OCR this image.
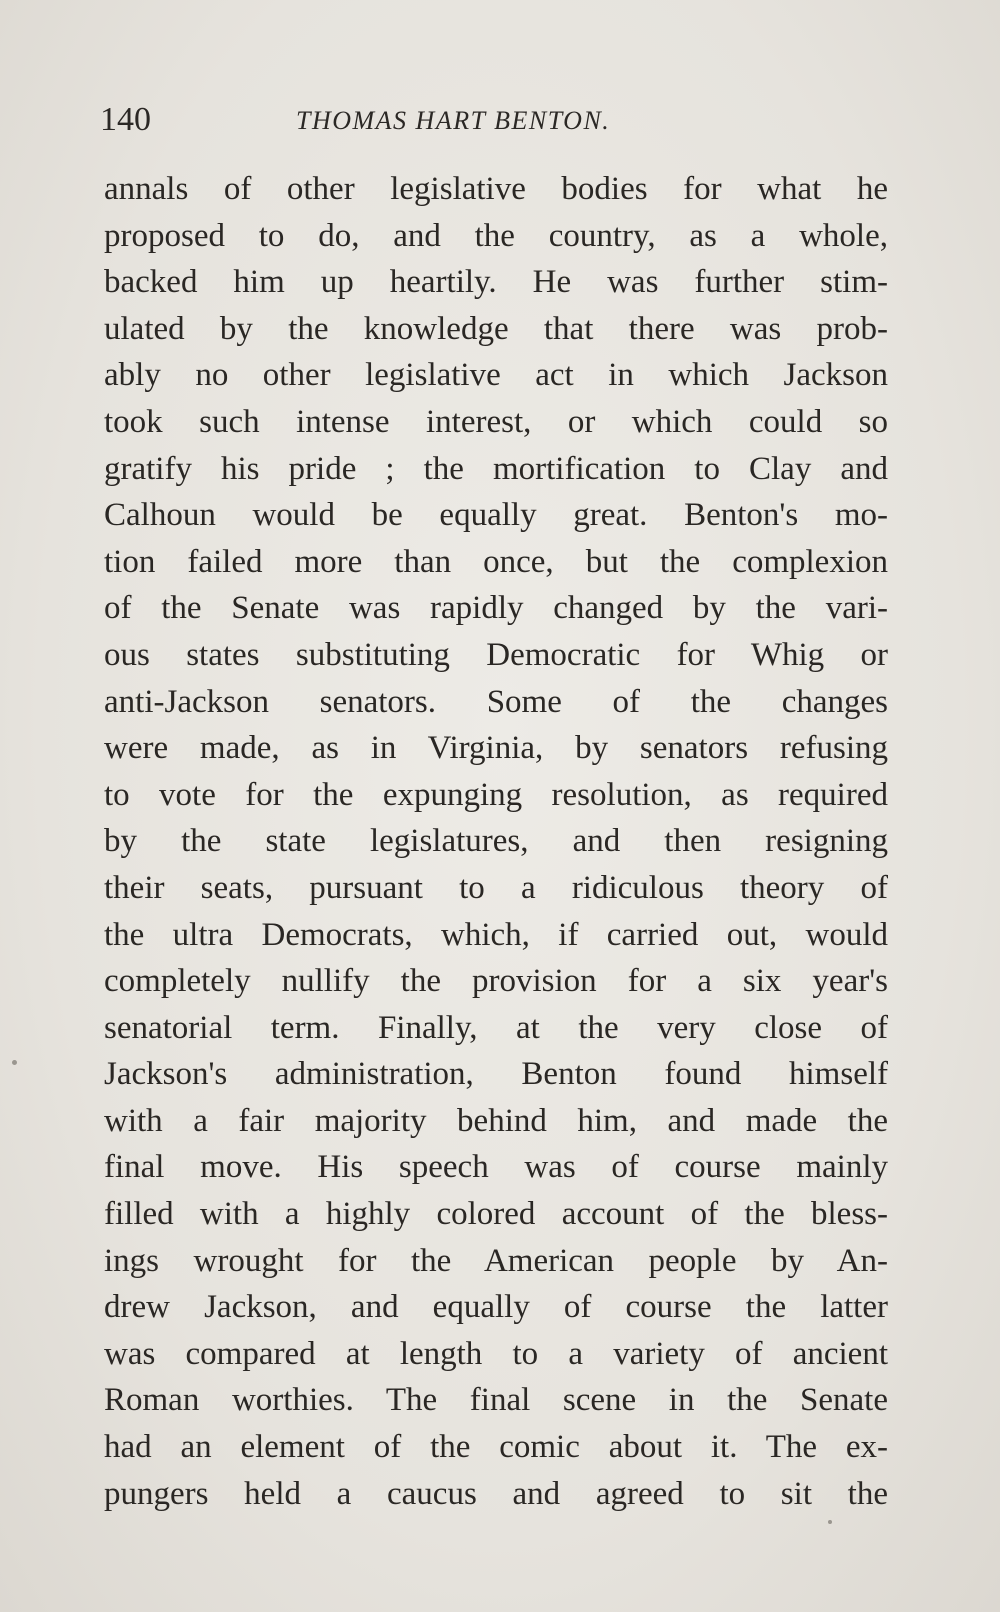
140	THOMAS HART BENTON.
annals of other legislative bodies for what he
proposed to do, and the country, as a whole,
backed him up heartily. He was further stim-
ulated by the knowledge that there was prob-
ably no other legislative act in which Jackson
took such intense interest, or which could so
gratify his pride ; the mortification to Clay and
Calhoun would be equally great. Benton's mo-
tion failed more than once, but the complexion
of the Senate was rapidly changed by the vari-
ous states substituting Democratic for Whig or
anti-Jackson senators. Some of the changes
were made, as in Virginia, by senators refusing
to vote for the expunging resolution, as required
by the state legislatures, and then resigning
their seats, pursuant to a ridiculous theory of
the ultra Democrats, which, if carried out, would
completely nullify the provision for a six year's
senatorial term. Finally, at the very close of
Jackson's administration, Benton found himself
with a fair majority behind him, and made the
final move. His speech was of course mainly
filled with a highly colored account of the bless-
ings wrought for the American people by An-
drew Jackson, and equally of course the latter
was compared at length to a variety of ancient
Roman worthies. The final scene in the Senate
had an element of the comic about it. The ex-
pungers held a caucus and agreed to sit the
